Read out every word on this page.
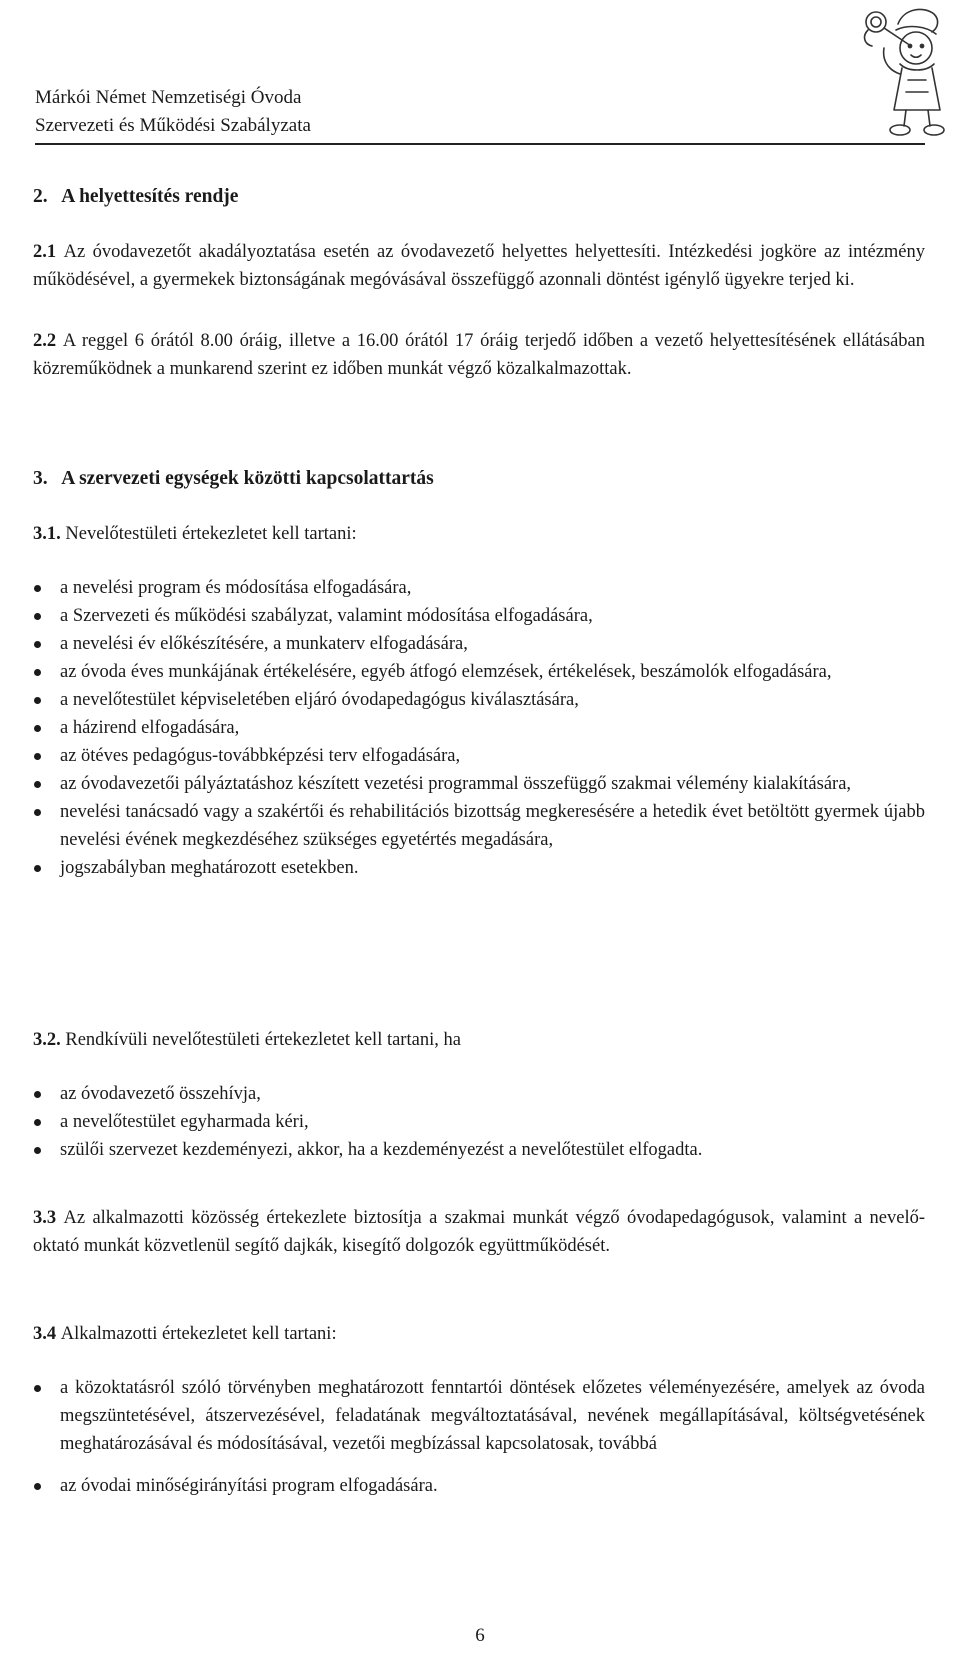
Márkói Német Nemzetiségi Óvoda
Szervezeti és Működési Szabályzata

2. A helyettesítés rendje

2.1 Az óvodavezetőt akadályoztatása esetén az óvodavezető helyettes helyettesíti. Intézkedési jogköre az intézmény működésével, a gyermekek biztonságának megóvásával összefüggő azonnali döntést igénylő ügyekre terjed ki.

2.2 A reggel 6 órától 8.00 óráig, illetve a 16.00 órától 17 óráig terjedő időben a vezető helyettesítésének ellátásában közreműködnek a munkarend szerint ez időben munkát végző közalkalmazottak.

3. A szervezeti egységek közötti kapcsolattartás

3.1. Nevelőtestületi értekezletet kell tartani:

a nevelési program és módosítása elfogadására,
a Szervezeti és működési szabályzat, valamint módosítása elfogadására,
a nevelési év előkészítésére, a munkaterv elfogadására,
az óvoda éves munkájának értékelésére, egyéb átfogó elemzések, értékelések, beszámolók elfogadására,
a nevelőtestület képviseletében eljáró óvodapedagógus kiválasztására,
a házirend elfogadására,
az ötéves pedagógus-továbbképzési terv elfogadására,
az óvodavezetői pályáztatáshoz készített vezetési programmal összefüggő szakmai vélemény kialakítására,
nevelési tanácsadó vagy a szakértői és rehabilitációs bizottság megkeresésére a hetedik évet betöltött gyermek újabb nevelési évének megkezdéséhez szükséges egyetértés megadására,
jogszabályban meghatározott esetekben.

3.2. Rendkívüli nevelőtestületi értekezletet kell tartani, ha

az óvodavezető összehívja,
a nevelőtestület egyharmada kéri,
szülői szervezet kezdeményezi, akkor, ha a kezdeményezést a nevelőtestület elfogadta.

3.3 Az alkalmazotti közösség értekezlete biztosítja a szakmai munkát végző óvodapedagógusok, valamint a nevelő-oktató munkát közvetlenül segítő dajkák, kisegítő dolgozók együttműködését.

3.4 Alkalmazotti értekezletet kell tartani:

a közoktatásról szóló törvényben meghatározott fenntartói döntések előzetes véleményezésére, amelyek az óvoda megszüntetésével, átszervezésével, feladatának megváltoztatásával, nevének megállapításával, költségvetésének meghatározásával és módosításával, vezetői megbízással kapcsolatosak, továbbá
az óvodai minőségirányítási program elfogadására.
6
